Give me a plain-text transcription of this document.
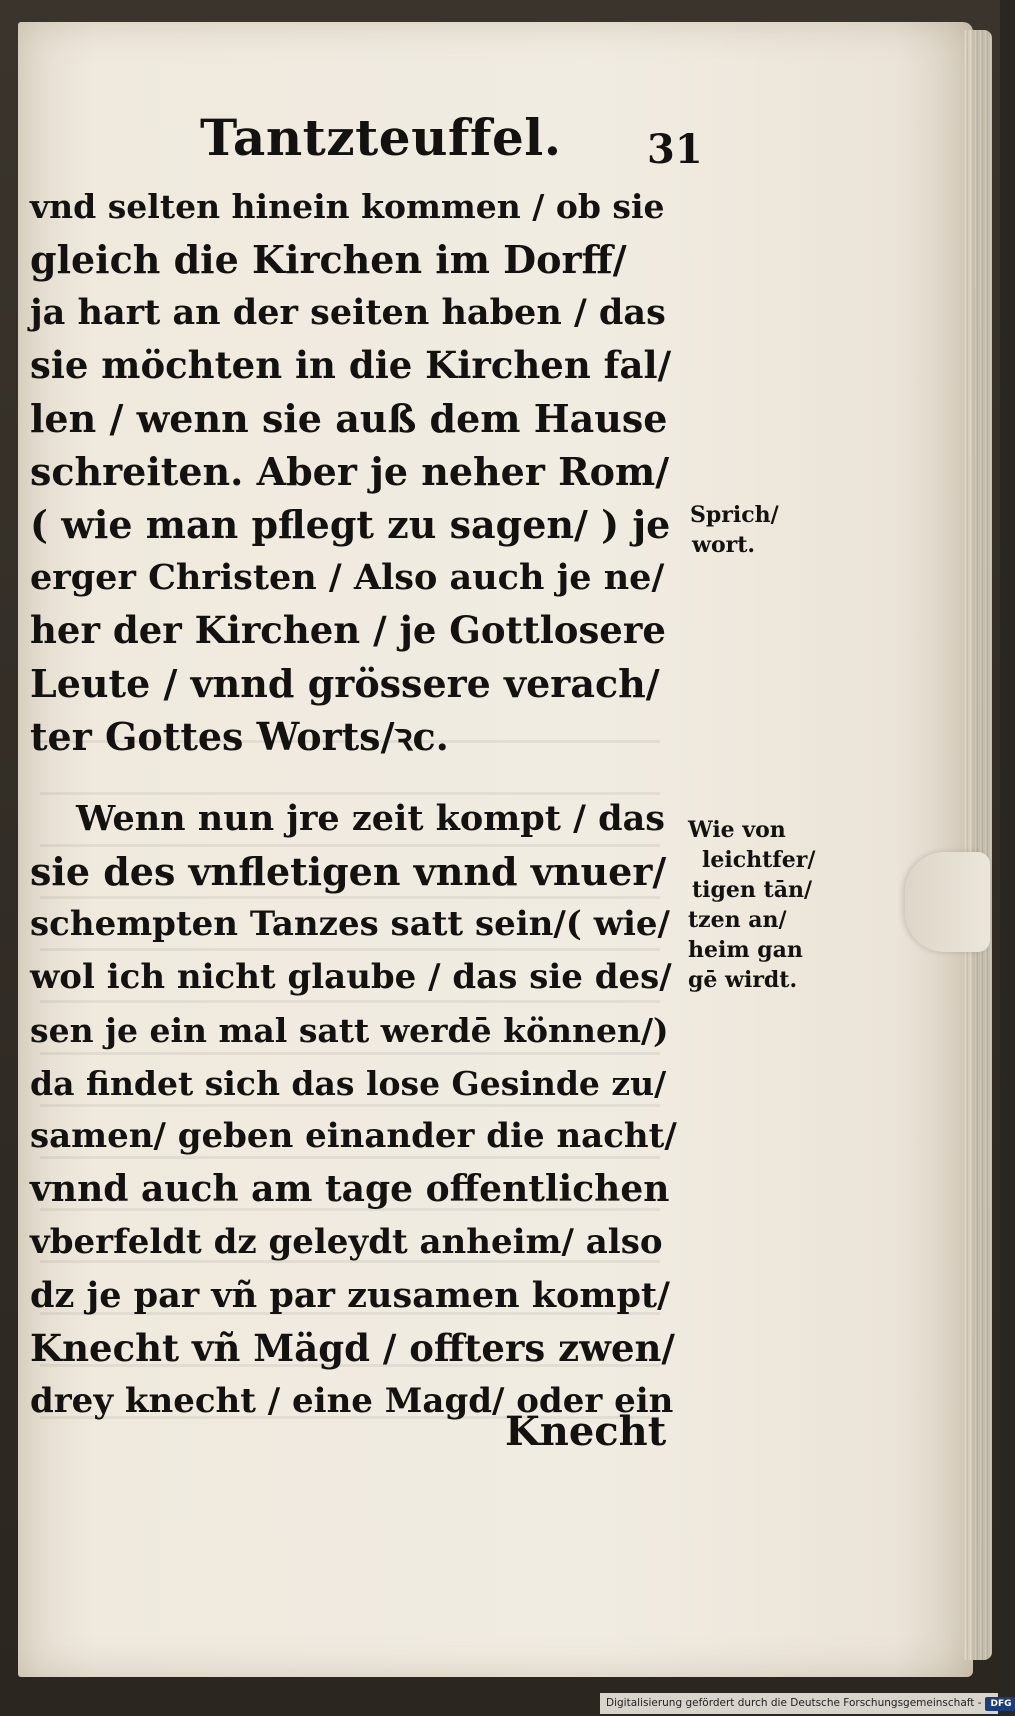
Tantzteuffel. 31
vnd selten hinein kommen / ob sie
gleich die Kirchen im Dorff/
ja hart an der seiten haben / das
sie möchten in die Kirchen fal/
len / wenn sie auß dem Hause
schreiten. Aber je neher Rom/
( wie man pflegt zu sagen/ ) je
erger Christen / Also auch je ne/
her der Kirchen / je Gottlosere
Leute / vnnd grössere verach/
ter Gottes Worts/ꝛc.
Wenn nun jre zeit kompt / das
sie des vnfletigen vnnd vnuer/
schempten Tanzes satt sein/( wie/
wol ich nicht glaube / das sie des/
sen je ein mal satt werdē können/)
da findet sich das lose Gesinde zu/
samen/ geben einander die nacht/
vnnd auch am tage offentlichen
vberfeldt dz geleydt anheim/ also
dz je par vñ par zusamen kompt/
Knecht vñ Mägd / offters zwen/
drey knecht / eine Magd/ oder ein
Knecht
Sprich/
wort.
Wie von
leichtfer/
tigen tān/
tzen an/
heim gan
gē wirdt.
Digitalisierung gefördert durch die Deutsche Forschungsgemeinschaft - DFG
